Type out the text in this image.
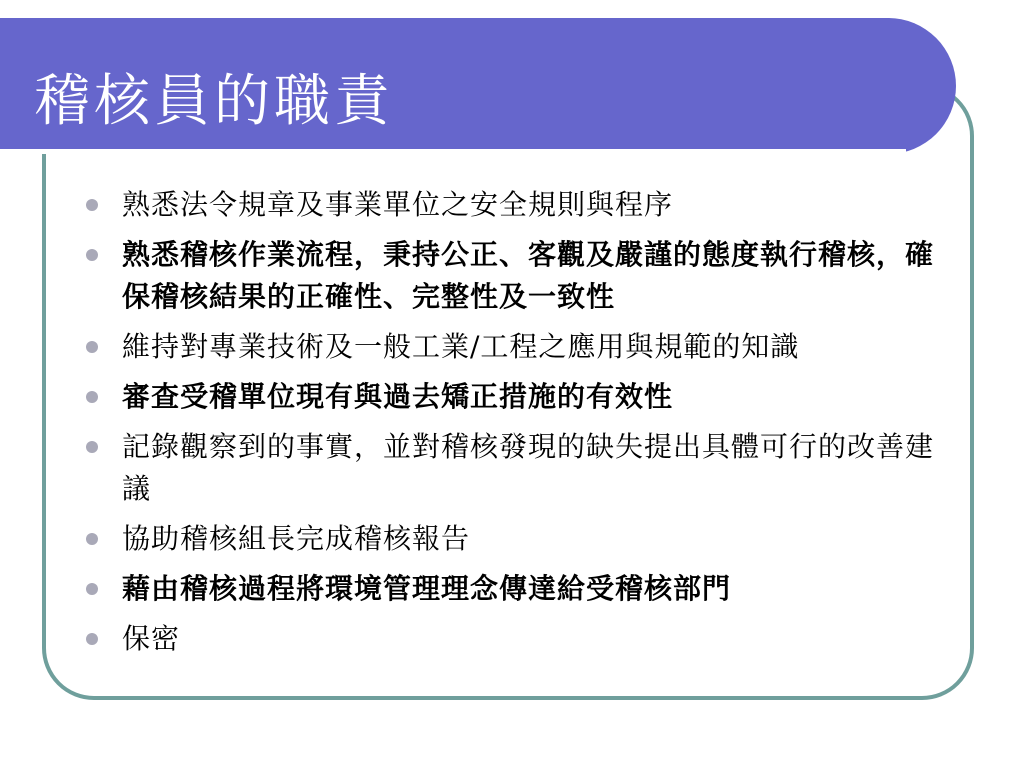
稽核員的職責
熟悉法令規章及事業單位之安全規則與程序
熟悉稽核作業流程，秉持公正、客觀及嚴謹的態度執行稽核，確保稽核結果的正確性、完整性及一致性
維持對專業技術及一般工業/工程之應用與規範的知識
審查受稽單位現有與過去矯正措施的有效性
記錄觀察到的事實，並對稽核發現的缺失提出具體可行的改善建議
協助稽核組長完成稽核報告
藉由稽核過程將環境管理理念傳達給受稽核部門
保密
